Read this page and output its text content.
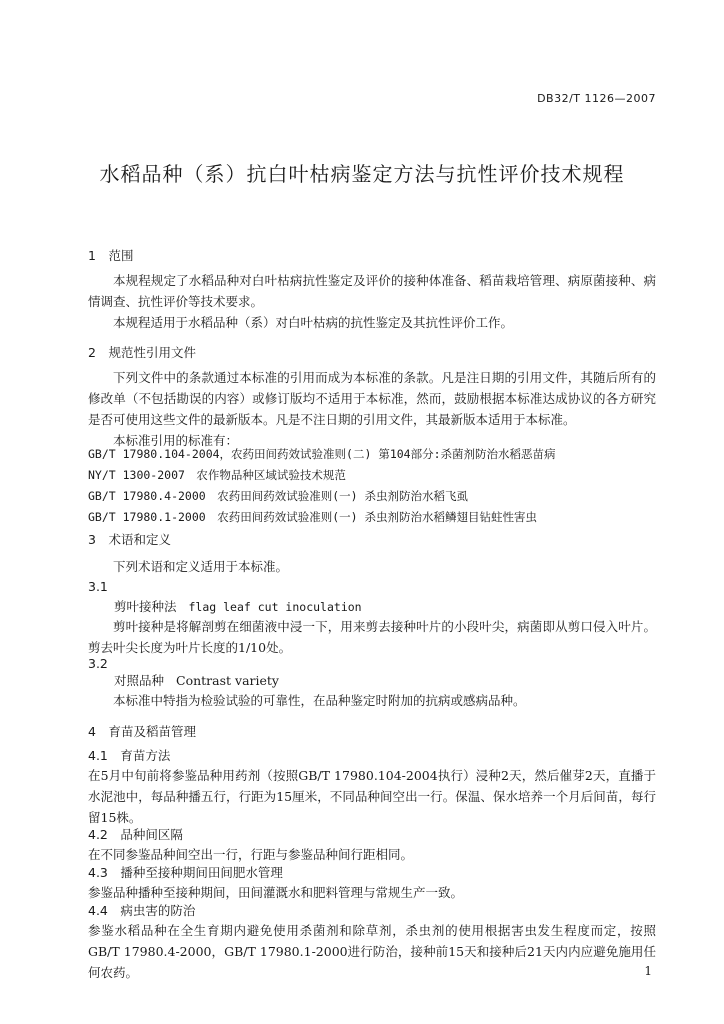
DB32/T 1126—2007
水稻品种（系）抗白叶枯病鉴定方法与抗性评价技术规程
1　范围
本规程规定了水稻品种对白叶枯病抗性鉴定及评价的接种体准备、稻苗栽培管理、病原菌接种、病情调查、抗性评价等技术要求。
本规程适用于水稻品种（系）对白叶枯病的抗性鉴定及其抗性评价工作。
2　规范性引用文件
下列文件中的条款通过本标准的引用而成为本标准的条款。凡是注日期的引用文件，其随后所有的修改单（不包括勘误的内容）或修订版均不适用于本标准，然而，鼓励根据本标准达成协议的各方研究是否可使用这些文件的最新版本。凡是不注日期的引用文件，其最新版本适用于本标准。
本标准引用的标准有：
GB/T 17980.104-2004，农药田间药效试验准则(二) 第104部分:杀菌剂防治水稻恶苗病
NY/T 1300-2007　农作物品种区域试验技术规范
GB/T 17980.4-2000　农药田间药效试验准则(一) 杀虫剂防治水稻飞虱
GB/T 17980.1-2000　农药田间药效试验准则(一) 杀虫剂防治水稻鳞翅目钻蛀性害虫
3　术语和定义
下列术语和定义适用于本标准。
3.1
剪叶接种法 flag leaf cut inoculation
剪叶接种是将解剖剪在细菌液中浸一下，用来剪去接种叶片的小段叶尖，病菌即从剪口侵入叶片。剪去叶尖长度为叶片长度的1/10处。
3.2
对照品种 Contrast variety
本标准中特指为检验试验的可靠性，在品种鉴定时附加的抗病或感病品种。
4　育苗及稻苗管理
4.1　育苗方法
在5月中旬前将参鉴品种用药剂（按照GB/T 17980.104-2004执行）浸种2天，然后催芽2天，直播于水泥池中，每品种播五行，行距为15厘米，不同品种间空出一行。保温、保水培养一个月后间苗，每行留15株。
4.2　品种间区隔
在不同参鉴品种间空出一行，行距与参鉴品种间行距相同。
4.3　播种至接种期间田间肥水管理
参鉴品种播种至接种期间，田间灌溉水和肥料管理与常规生产一致。
4.4　病虫害的防治
参鉴水稻品种在全生育期内避免使用杀菌剂和除草剂，杀虫剂的使用根据害虫发生程度而定，按照GB/T 17980.4-2000，GB/T 17980.1-2000进行防治，接种前15天和接种后21天内内应避免施用任何农药。	1
